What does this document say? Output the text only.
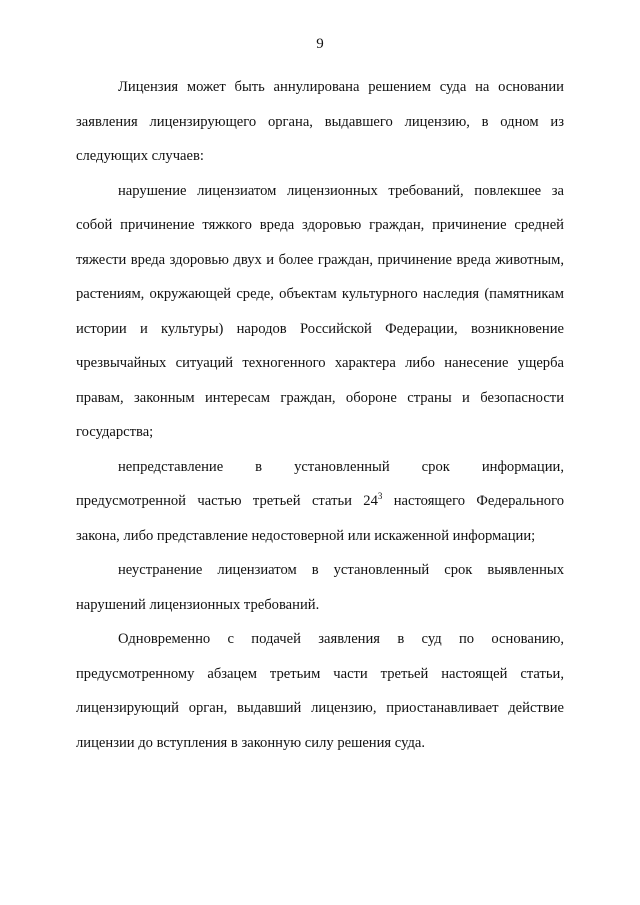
9

Лицензия может быть аннулирована решением суда на основании заявления лицензирующего органа, выдавшего лицензию, в одном из следующих случаев:

нарушение лицензиатом лицензионных требований, повлекшее за собой причинение тяжкого вреда здоровью граждан, причинение средней тяжести вреда здоровью двух и более граждан, причинение вреда животным, растениям, окружающей среде, объектам культурного наследия (памятникам истории и культуры) народов Российской Федерации, возникновение чрезвычайных ситуаций техногенного характера либо нанесение ущерба правам, законным интересам граждан, обороне страны и безопасности государства;

непредставление в установленный срок информации, предусмотренной частью третьей статьи $24^3$ настоящего Федерального закона, либо представление недостоверной или искаженной информации;

неустранение лицензиатом в установленный срок выявленных нарушений лицензионных требований.

Одновременно с подачей заявления в суд по основанию, предусмотренному абзацем третьим части третьей настоящей статьи, лицензирующий орган, выдавший лицензию, приостанавливает действие лицензии до вступления в законную силу решения суда.
